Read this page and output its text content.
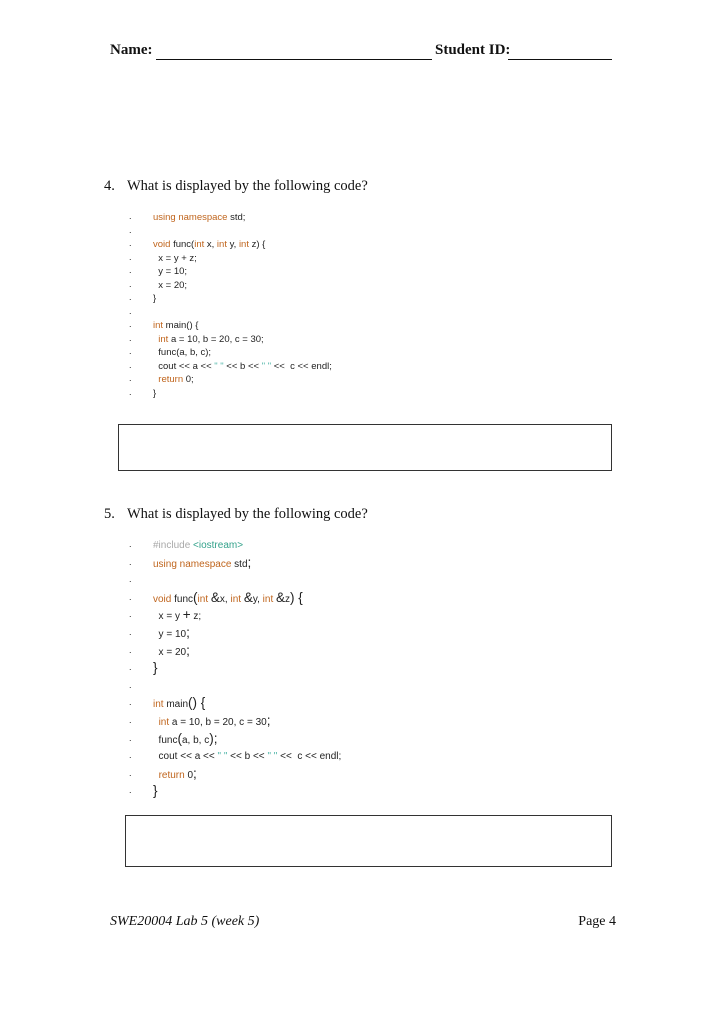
Name:	Student ID:
4. What is displayed by the following code?
. using namespace std;
.
. void func(int x, int y, int z) {
. x = y + z;
. y = 10;
. x = 20;
. }
.
. int main() {
.	int a = 10, b = 20, c = 30;
. func(a, b, c);
. cout << a << " " << b << " " <<  c << endl;
.	return 0;
. }
5. What is displayed by the following code?
. #include <iostream>
. using namespace std;
.
. void func(int &x, int &y, int &z) {
. x = y + z;
. y = 10;
. x = 20;
. }
.
. int main() {
.	int a = 10, b = 20, c = 30;
. func(a, b, c);
. cout << a << " " << b << " " <<  c << endl;
.	return 0;
. }
SWE20004 Lab 5 (week 5)	Page 4
